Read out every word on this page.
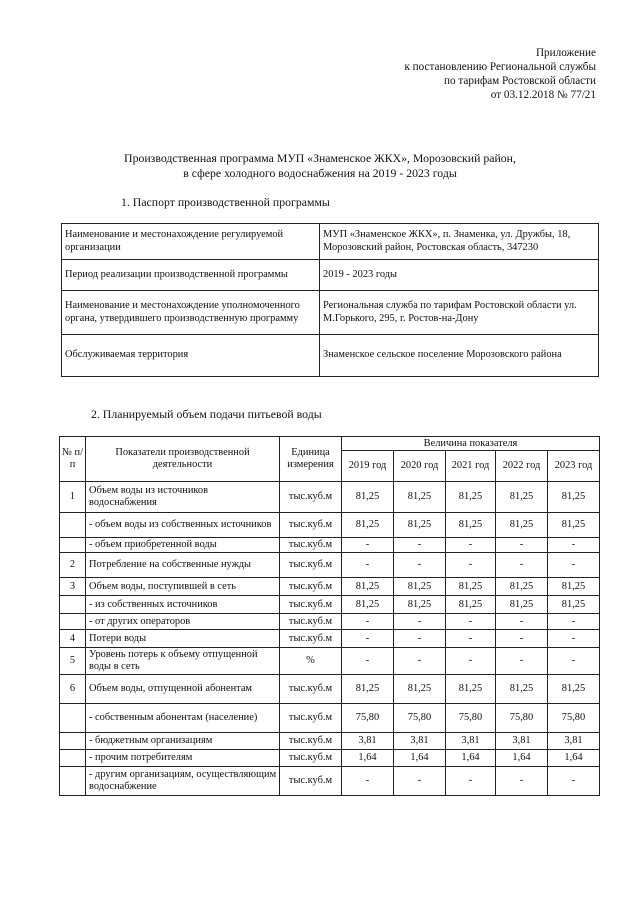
Приложение
к постановлению Региональной службы
по тарифам Ростовской области
от 03.12.2018 № 77/21
Производственная программа МУП «Знаменское ЖКХ», Морозовский район,
в сфере холодного водоснабжения на 2019 - 2023 годы
1. Паспорт производственной программы
Наименование и местонахождение регулируемой организации	МУП «Знаменское ЖКХ», п. Знаменка, ул. Дружбы, 18, Морозовский район, Ростовская область, 347230
Период реализации производственной программы	2019 - 2023 годы
Наименование и местонахождение уполномоченного органа, утвердившего производственную программу	Региональная служба по тарифам Ростовской области ул. М.Горького, 295, г. Ростов-на-Дону
Обслуживаемая территория	Знаменское сельское поселение Морозовского района
2. Планируемый объем подачи питьевой воды
№ п/п	Показатели производственной деятельности	Единица измерения	Величина показателя				
			2019 год	2020 год	2021 год	2022 год	2023 год
1	Объем воды из источников водоснабжения	тыс.куб.м	81,25	81,25	81,25	81,25	81,25
	- объем воды из собственных источников	тыс.куб.м	81,25	81,25	81,25	81,25	81,25
	- объем приобретенной воды	тыс.куб.м	-	-	-	-	-
2	Потребление на собственные нужды	тыс.куб.м	-	-	-	-	-
3	Объем воды, поступившей в сеть	тыс.куб.м	81,25	81,25	81,25	81,25	81,25
	- из собственных источников	тыс.куб.м	81,25	81,25	81,25	81,25	81,25
	- от других операторов	тыс.куб.м	-	-	-	-	-
4	Потери воды	тыс.куб.м	-	-	-	-	-
5	Уровень потерь к объему отпущенной воды в сеть	%	-	-	-	-	-
6	Объем воды, отпущенной абонентам	тыс.куб.м	81,25	81,25	81,25	81,25	81,25
	- собственным абонентам (население)	тыс.куб.м	75,80	75,80	75,80	75,80	75,80
	- бюджетным организациям	тыс.куб.м	3,81	3,81	3,81	3,81	3,81
	- прочим потребителям	тыс.куб.м	1,64	1,64	1,64	1,64	1,64
	- другим организациям, осуществляющим водоснабжение	тыс.куб.м	-	-	-	-	-
